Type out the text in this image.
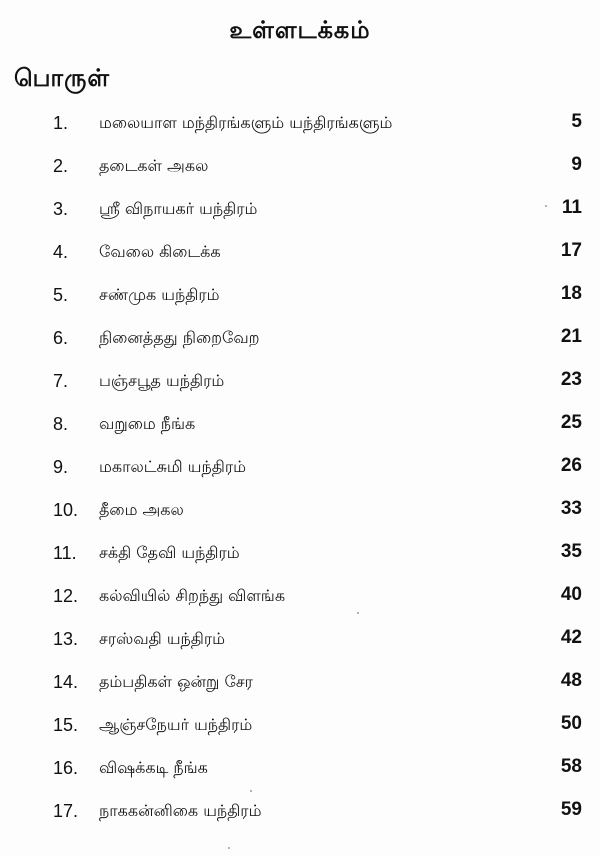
உள்ளடக்கம்
பொருள்
1. மலையாள மந்திரங்களும் யந்திரங்களும்	5
2. தடைகள் அகல	9
3. ஸ்ரீ விநாயகர் யந்திரம்	11
4. வேலை கிடைக்க	17
5. சண்முக யந்திரம்	18
6. நினைத்தது நிறைவேற	21
7. பஞ்சபூத யந்திரம்	23
8. வறுமை நீங்க	25
9. மகாலட்சுமி யந்திரம்	26
10. தீமை அகல	33
11. சக்தி தேவி யந்திரம்	35
12. கல்வியில் சிறந்து விளங்க	40
13. சரஸ்வதி யந்திரம்	42
14. தம்பதிகள் ஒன்று சேர	48
15. ஆஞ்சநேயர் யந்திரம்	50
16. விஷக்கடி நீங்க	58
17. நாககன்னிகை யந்திரம்	59
